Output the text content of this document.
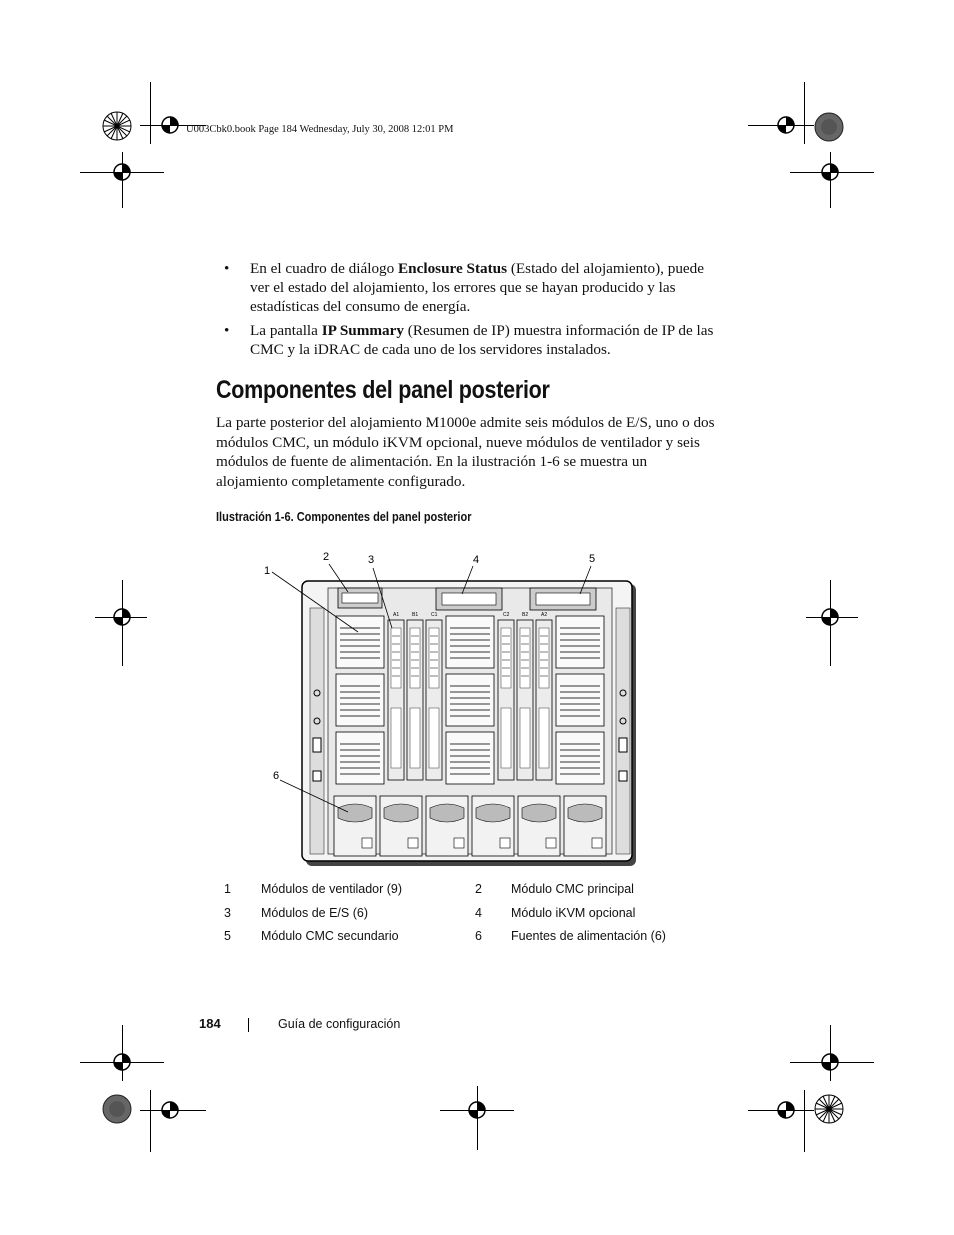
U003Cbk0.book Page 184 Wednesday, July 30, 2008 12:01 PM
• En el cuadro de diálogo Enclosure Status (Estado del alojamiento), puede ver el estado del alojamiento, los errores que se hayan producido y las estadísticas del consumo de energía.
• La pantalla IP Summary (Resumen de IP) muestra información de IP de las CMC y la iDRAC de cada uno de los servidores instalados.
Componentes del panel posterior
La parte posterior del alojamiento M1000e admite seis módulos de E/S, uno o dos módulos CMC, un módulo iKVM opcional, nueve módulos de ventilador y seis módulos de fuente de alimentación. En la ilustración 1-6 se muestra un alojamiento completamente configurado.
Ilustración 1-6. Componentes del panel posterior
A1	B1	C1	C2	B2	A2
1
2	3	4	5
6
1 Módulos de ventilador (9)	2 Módulo CMC principal
3 Módulos de E/S (6)	4 Módulo iKVM opcional
5 Módulo CMC secundario	6 Fuentes de alimentación (6)
184	Guía de configuración
